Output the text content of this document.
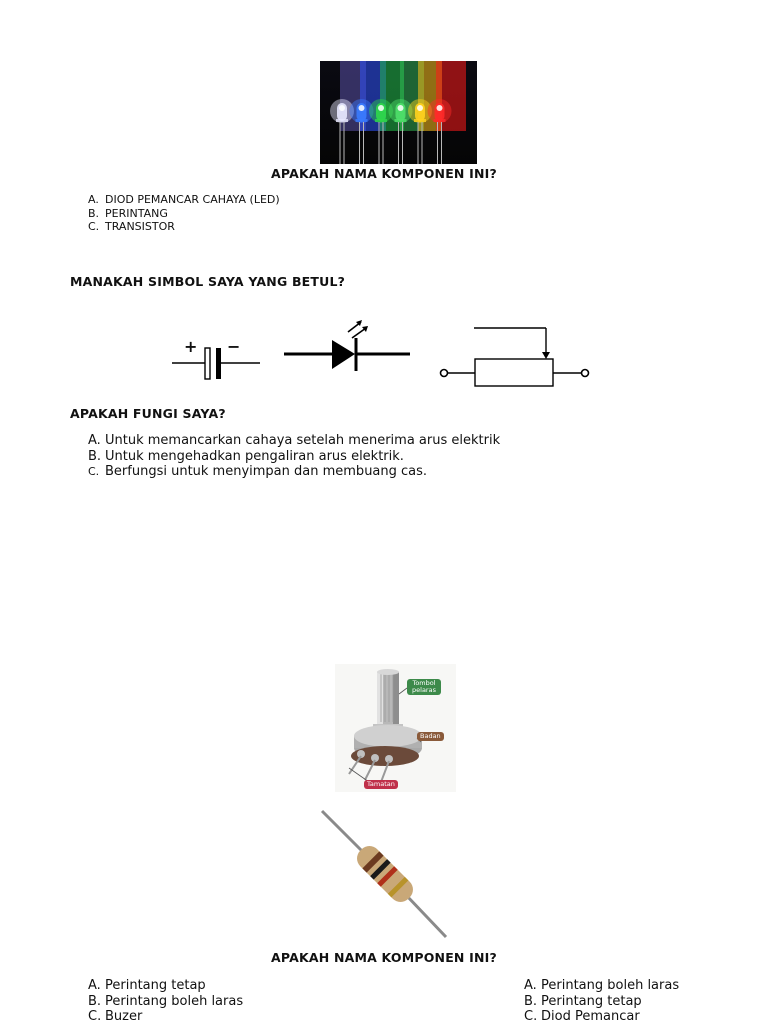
APAKAH NAMA KOMPONEN INI?
A. DIOD PEMANCAR CAHAYA (LED)
B. PERINTANG
C. TRANSISTOR
MANAKAH SIMBOL SAYA YANG BETUL?
+ −
APAKAH FUNGI SAYA?
A. Untuk memancarkan cahaya setelah menerima arus elektrik
B. Untuk mengehadkan pengaliran arus elektrik.
C. Berfungsi untuk menyimpan dan membuang cas.
Tombol pelaras
Badan
Tamatan
APAKAH NAMA KOMPONEN INI?
A. Perintang tetap
B. Perintang boleh laras
C. Buzer
A. Perintang boleh laras
B. Perintang tetap
C. Diod Pemancar
